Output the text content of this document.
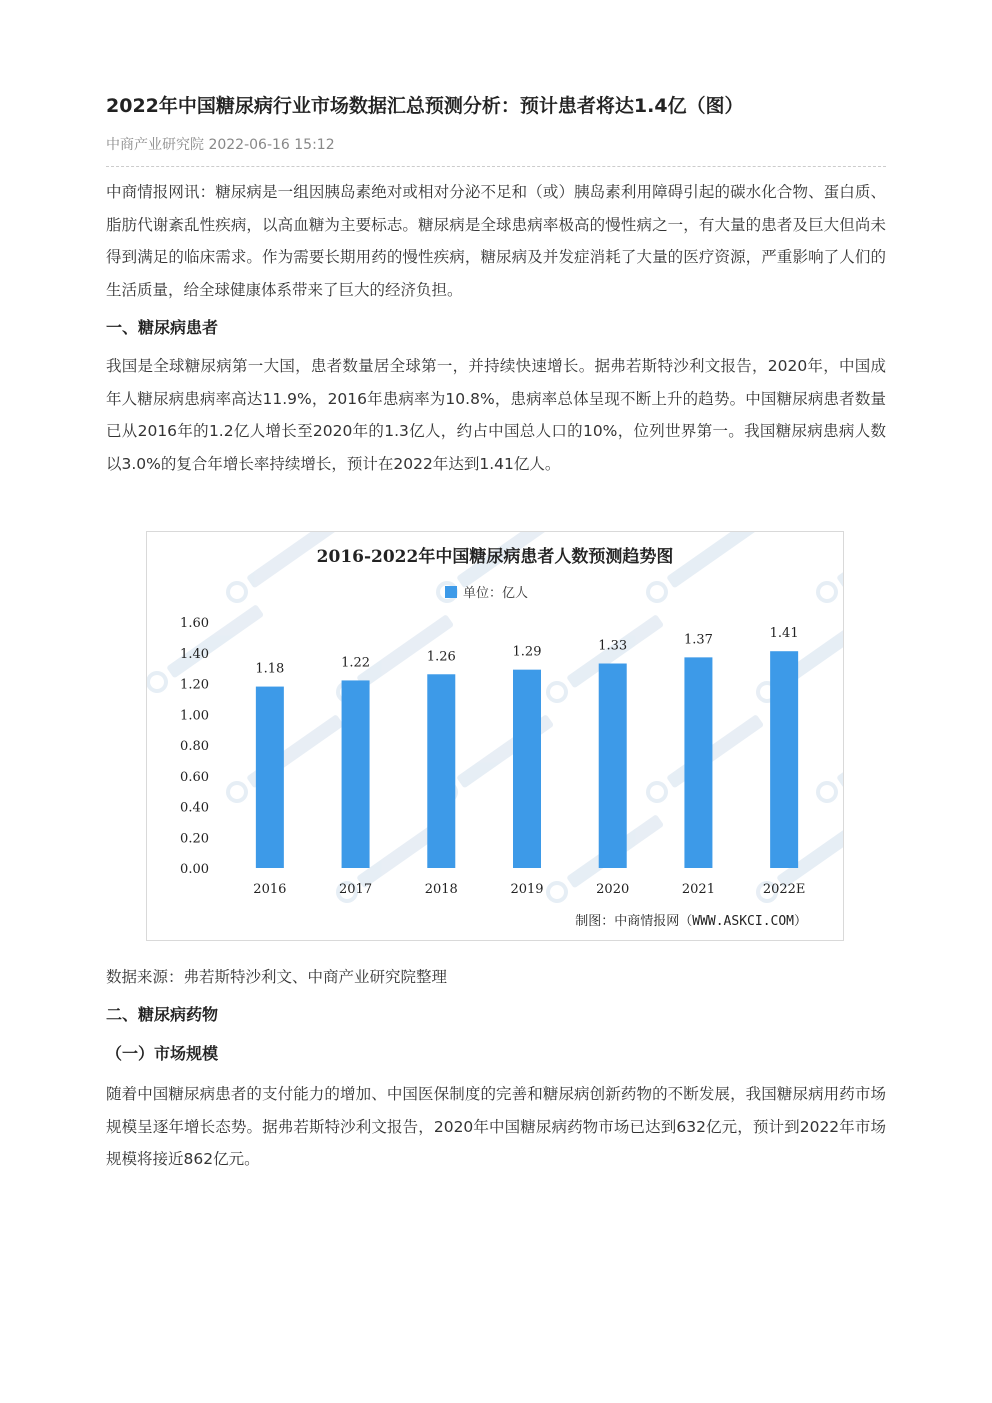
2022年中国糖尿病行业市场数据汇总预测分析：预计患者将达1.4亿（图）
中商产业研究院 2022-06-16 15:12

中商情报网讯：糖尿病是一组因胰岛素绝对或相对分泌不足和（或）胰岛素利用障碍引起的碳水化合物、蛋白质、脂肪代谢紊乱性疾病，以高血糖为主要标志。糖尿病是全球患病率极高的慢性病之一，有大量的患者及巨大但尚未得到满足的临床需求。作为需要长期用药的慢性疾病，糖尿病及并发症消耗了大量的医疗资源，严重影响了人们的生活质量，给全球健康体系带来了巨大的经济负担。

一、糖尿病患者

我国是全球糖尿病第一大国，患者数量居全球第一，并持续快速增长。据弗若斯特沙利文报告，2020年，中国成年人糖尿病患病率高达11.9%，2016年患病率为10.8%，患病率总体呈现不断上升的趋势。中国糖尿病患者数量已从2016年的1.2亿人增长至2020年的1.3亿人，约占中国总人口的10%，位列世界第一。我国糖尿病患病人数以3.0%的复合年增长率持续增长，预计在2022年达到1.41亿人。

2016-2022年中国糖尿病患者人数预测趋势图
单位：亿人
0.00
0.20
0.40
0.60
0.80
1.00
1.20
1.40
1.60
1.18	1.22	1.26	1.29	1.33	1.37	1.41
2016	2017	2018	2019	2020	2021	2022E
制图：中商情报网（WWW.ASKCI.COM）
数据来源：弗若斯特沙利文、中商产业研究院整理
二、糖尿病药物
（一）市场规模

随着中国糖尿病患者的支付能力的增加、中国医保制度的完善和糖尿病创新药物的不断发展，我国糖尿病用药市场规模呈逐年增长态势。据弗若斯特沙利文报告，2020年中国糖尿病药物市场已达到632亿元，预计到2022年市场规模将接近862亿元。
